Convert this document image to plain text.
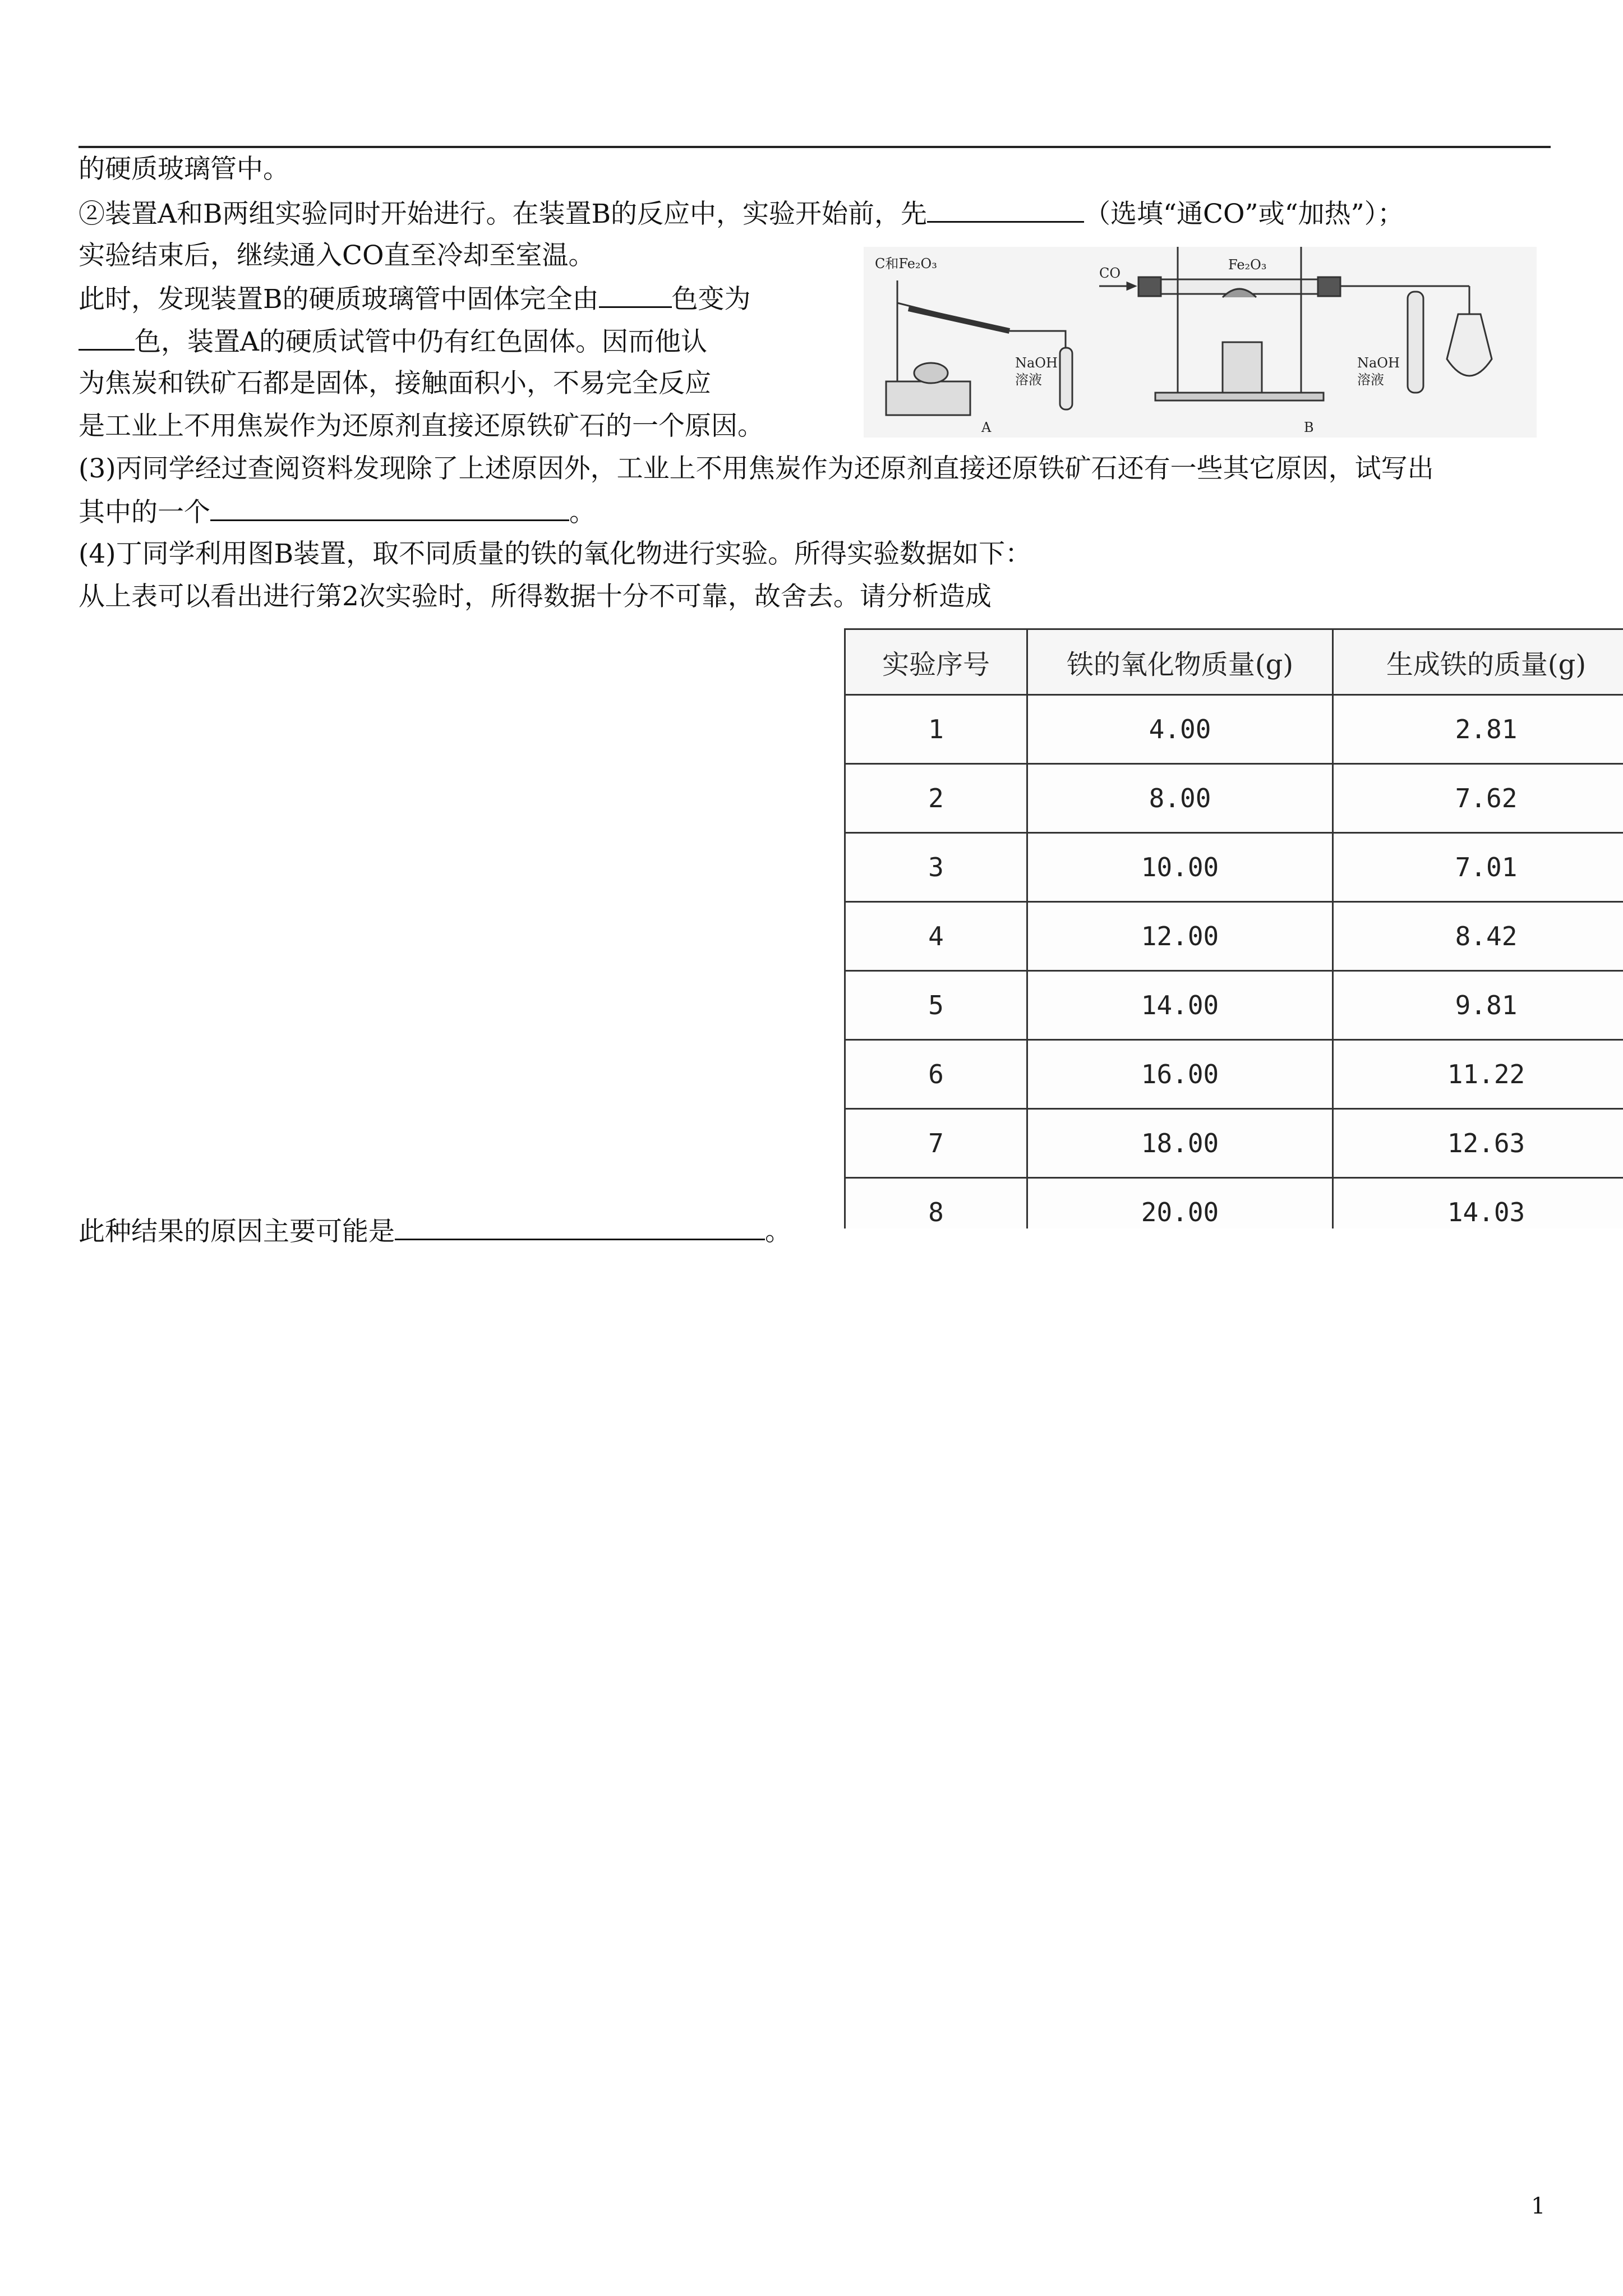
的硬质玻璃管中。
②装置A和B两组实验同时开始进行。在装置B的反应中，实验开始前，先	（选填“通CO”或“加热”）；
实验结束后，继续通入CO直至冷却至室温。
此时，发现装置B的硬质玻璃管中固体完全由	色变为
色，装置A的硬质试管中仍有红色固体。因而他认
为焦炭和铁矿石都是固体，接触面积小，不易完全反应
是工业上不用焦炭作为还原剂直接还原铁矿石的一个原因。
(3)丙同学经过查阅资料发现除了上述原因外，工业上不用焦炭作为还原剂直接还原铁矿石还有一些其它原因，试写出
其中的一个	。
(4)丁同学利用图B装置，取不同质量的铁的氧化物进行实验。所得实验数据如下：
从上表可以看出进行第2次实验时，所得数据十分不可靠，故舍去。请分析造成
此种结果的原因主要可能是	。
C和Fe₂O₃
NaOH
溶液
A
CO
Fe₂O₃
NaOH
溶液
B
实验序号	铁的氧化物质量(g)	生成铁的质量(g)
1	4.00	2.81
2	8.00	7.62
3	10.00	7.01
4	12.00	8.42
5	14.00	9.81
6	16.00	11.22
7	18.00	12.63
8	20.00	14.03
1
